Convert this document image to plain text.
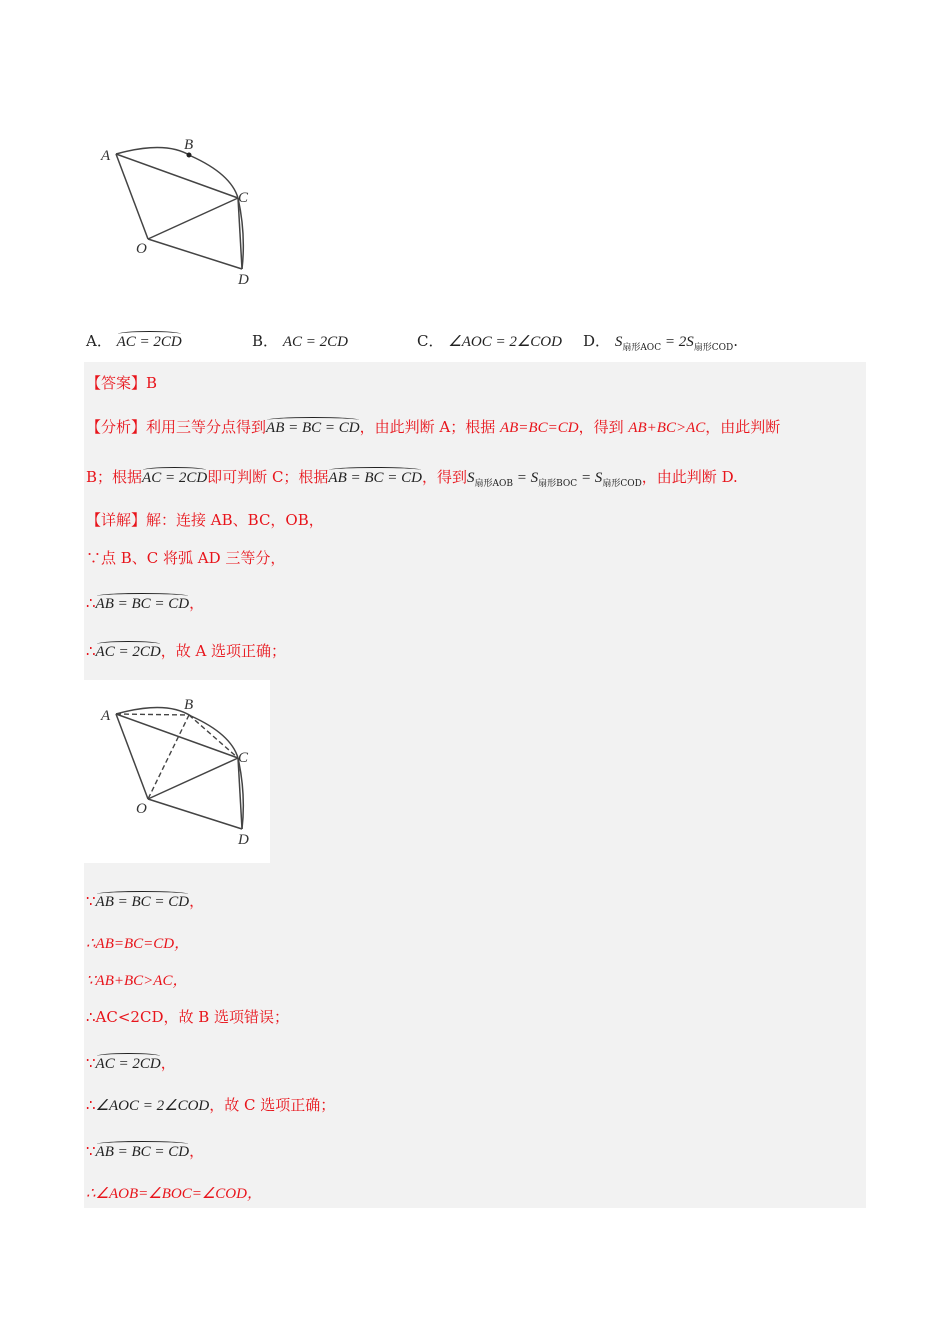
A
B
C
O
D
A． AC = 2CD	B． AC = 2CD	C． ∠AOC = 2∠COD D． $S_{扇形AOC} = 2S_{扇形COD}$.
【答案】B
【分析】利用三等分点得到AB = BC = CD，由此判断 A；根据 AB=BC=CD，得到 AB+BC>AC，由此判断
B；根据AC = 2CD即可判断 C；根据AB = BC = CD，得到$S_{扇形AOB} = S_{扇形BOC} = S_{扇形COD}$，由此判断 D.
【详解】解：连接 AB、BC，OB，
∵点 B、C 将弧 AD 三等分，
∴AB = BC = CD，
∴AC = 2CD，故 A 选项正确；
A
B
C
O
D
∵AB = BC = CD，
∴AB=BC=CD，
∵AB+BC>AC，
∴AC<2CD，故 B 选项错误；
∵AC = 2CD，
∴∠AOC = 2∠COD，故 C 选项正确；
∵AB = BC = CD，
∴∠AOB=∠BOC=∠COD，
